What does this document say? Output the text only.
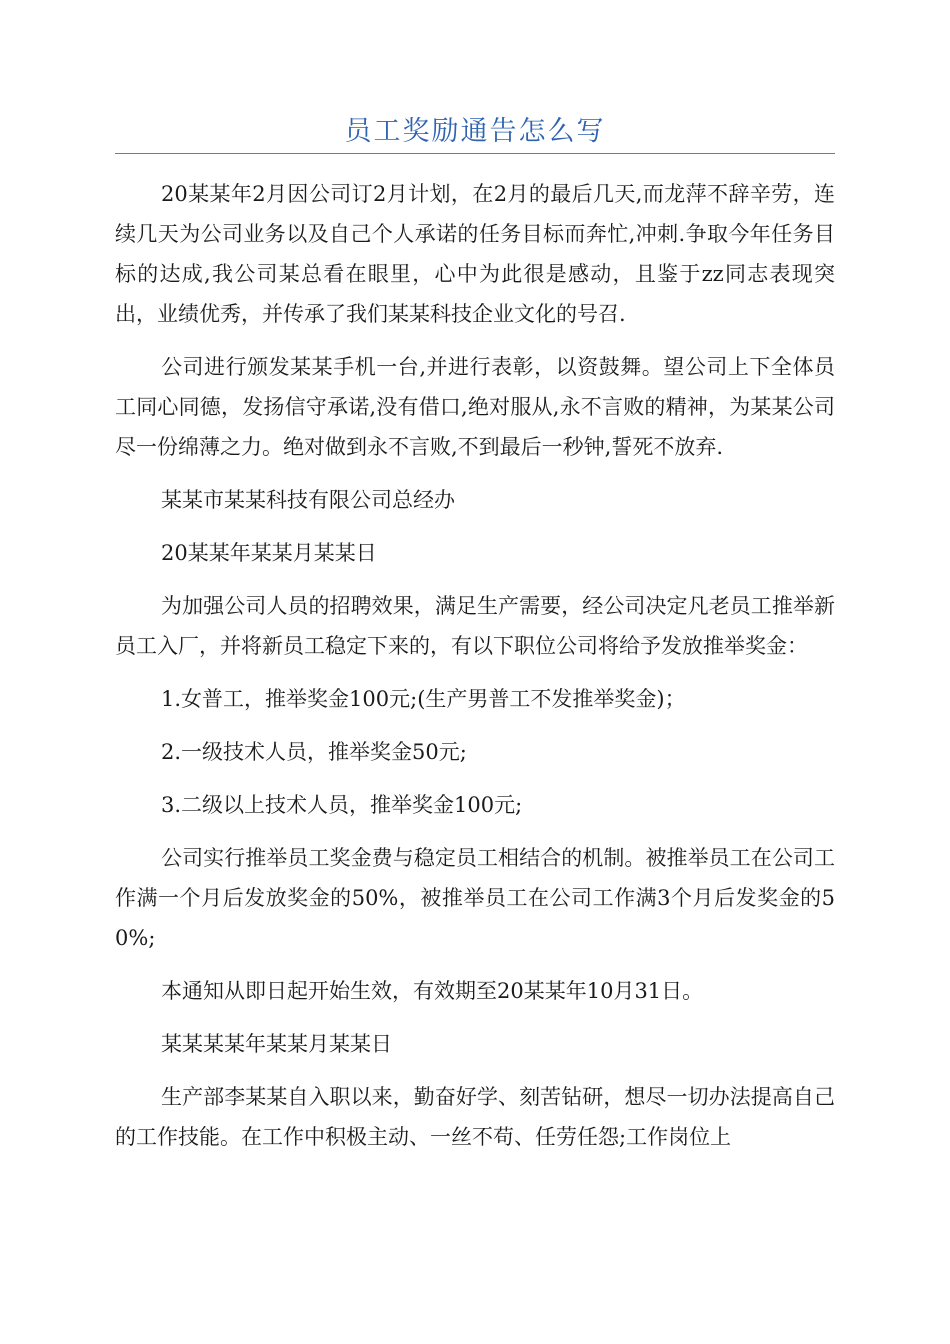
员工奖励通告怎么写

20某某年2月因公司订2月计划，在2月的最后几天,而龙萍不辞辛劳，连续几天为公司业务以及自己个人承诺的任务目标而奔忙,冲刺.争取今年任务目标的达成,我公司某总看在眼里，心中为此很是感动，且鉴于zz同志表现突出，业绩优秀，并传承了我们某某科技企业文化的号召.

公司进行颁发某某手机一台,并进行表彰，以资鼓舞。望公司上下全体员工同心同德，发扬信守承诺,没有借口,绝对服从,永不言败的精神，为某某公司尽一份绵薄之力。绝对做到永不言败,不到最后一秒钟,誓死不放弃.

某某市某某科技有限公司总经办

20某某年某某月某某日

为加强公司人员的招聘效果，满足生产需要，经公司决定凡老员工推举新员工入厂，并将新员工稳定下来的，有以下职位公司将给予发放推举奖金：

1.女普工，推举奖金100元;(生产男普工不发推举奖金)；

2.一级技术人员，推举奖金50元;

3.二级以上技术人员，推举奖金100元;

公司实行推举员工奖金费与稳定员工相结合的机制。被推举员工在公司工作满一个月后发放奖金的50%，被推举员工在公司工作满3个月后发奖金的50%;

本通知从即日起开始生效，有效期至20某某年10月31日。

某某某某年某某月某某日

生产部李某某自入职以来，勤奋好学、刻苦钻研，想尽一切办法提高自己的工作技能。在工作中积极主动、一丝不苟、任劳任怨;工作岗位上
